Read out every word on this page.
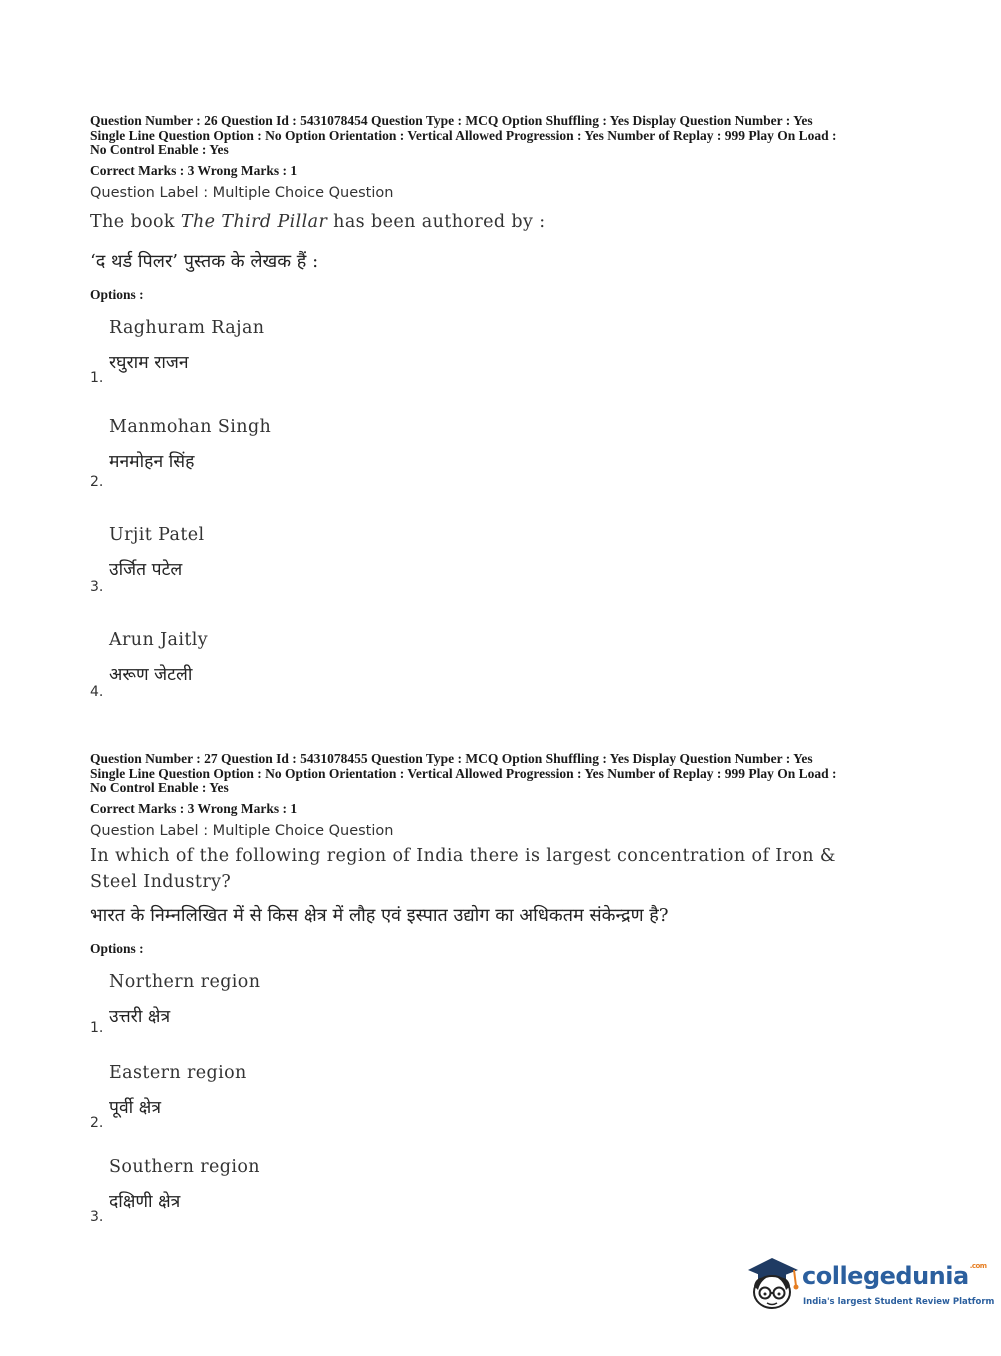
Question Number : 26 Question Id : 5431078454 Question Type : MCQ Option Shuffling : Yes Display Question Number : Yes
Single Line Question Option : No Option Orientation : Vertical Allowed Progression : Yes Number of Replay : 999 Play On Load :
No Control Enable : Yes
Correct Marks : 3 Wrong Marks : 1
Question Label : Multiple Choice Question
The book The Third Pillar has been authored by :
‘द थर्ड पिलर’ पुस्तक के लेखक हैं :
Options :
Raghuram Rajan
रघुराम राजन
1.
Manmohan Singh
मनमोहन सिंह
2.
Urjit Patel
उर्जित पटेल
3.
Arun Jaitly
अरूण जेटली
4.
Question Number : 27 Question Id : 5431078455 Question Type : MCQ Option Shuffling : Yes Display Question Number : Yes
Single Line Question Option : No Option Orientation : Vertical Allowed Progression : Yes Number of Replay : 999 Play On Load :
No Control Enable : Yes
Correct Marks : 3 Wrong Marks : 1
Question Label : Multiple Choice Question
In which of the following region of India there is largest concentration of Iron &
Steel Industry?
भारत के निम्नलिखित में से किस क्षेत्र में लौह एवं इस्पात उद्योग का अधिकतम संकेन्द्रण है?
Options :
Northern region
उत्तरी क्षेत्र
1.
Eastern region
पूर्वी क्षेत्र
2.
Southern region
दक्षिणी क्षेत्र
3.
collegedunia$^{.com}$
India's largest Student Review Platform
